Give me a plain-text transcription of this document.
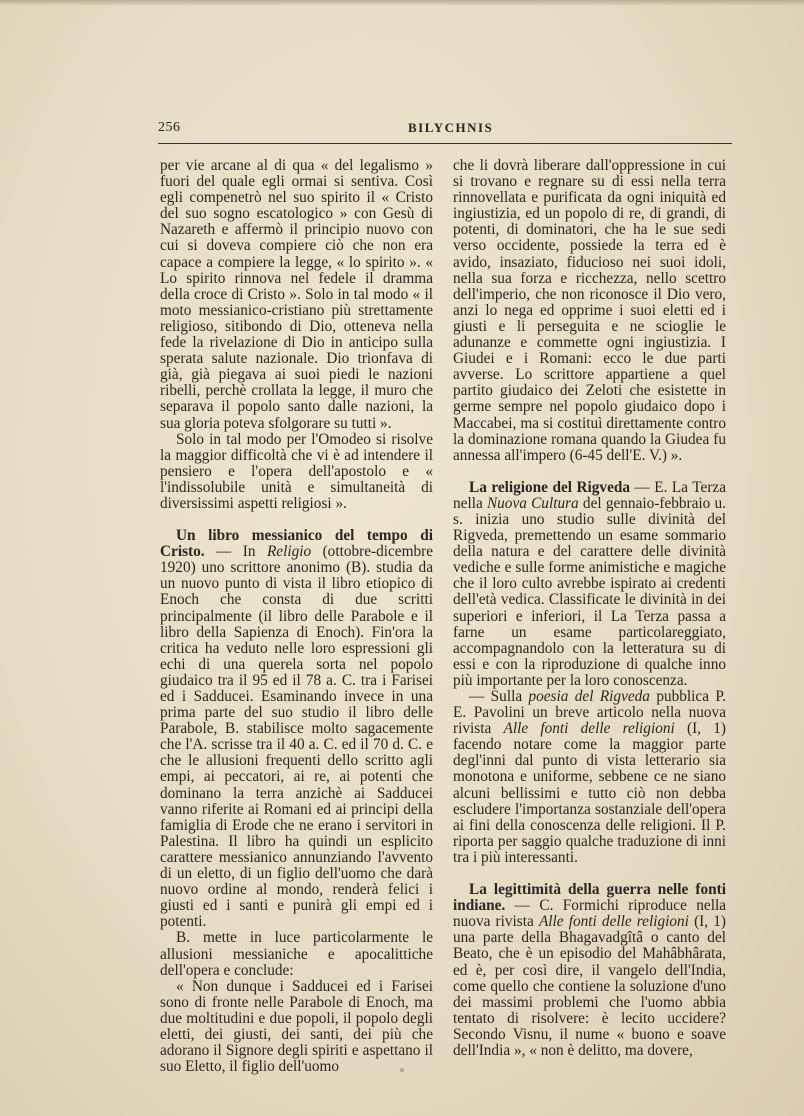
256	BILYCHNIS

per vie arcane al di qua « del legalismo » fuori del quale egli ormai si sentiva. Così egli compenetrò nel suo spirito il « Cristo del suo sogno escatologico » con Gesù di Nazareth e affermò il principio nuovo con cui si doveva compiere ciò che non era capace a compiere la legge, « lo spirito ». « Lo spirito rinnova nel fedele il dramma della croce di Cristo ». Solo in tal modo « il moto messianico-cristiano più strettamente religioso, sitibondo di Dio, otteneva nella fede la rivelazione di Dio in anticipo sulla sperata salute nazionale. Dio trionfava di già, già piegava ai suoi piedi le nazioni ribelli, perchè crollata la legge, il muro che separava il popolo santo dalle nazioni, la sua gloria poteva sfolgorare su tutti ».

Solo in tal modo per l'Omodeo si risolve la maggior difficoltà che vi è ad intendere il pensiero e l'opera dell'apostolo e « l'indissolubile unità e simultaneità di diversissimi aspetti religiosi ».

Un libro messianico del tempo di Cristo. — In Religio (ottobre-dicembre 1920) uno scrittore anonimo (B). studia da un nuovo punto di vista il libro etiopico di Enoch che consta di due scritti principalmente (il libro delle Parabole e il libro della Sapienza di Enoch). Fin'ora la critica ha veduto nelle loro espressioni gli echi di una querela sorta nel popolo giudaico tra il 95 ed il 78 a. C. tra i Farisei ed i Sadducei. Esaminando invece in una prima parte del suo studio il libro delle Parabole, B. stabilisce molto sagacemente che l'A. scrisse tra il 40 a. C. ed il 70 d. C. e che le allusioni frequenti dello scritto agli empi, ai peccatori, ai re, ai potenti che dominano la terra anzichè ai Sadducei vanno riferite ai Romani ed ai principi della famiglia di Erode che ne erano i servitori in Palestina. Il libro ha quindi un esplicito carattere messianico annunziando l'avvento di un eletto, di un figlio dell'uomo che darà nuovo ordine al mondo, renderà felici i giusti ed i santi e punirà gli empi ed i potenti.

B. mette in luce particolarmente le allusioni messianiche e apocalittiche dell'opera e conclude:

« Non dunque i Sadducei ed i Farisei sono di fronte nelle Parabole di Enoch, ma due moltitudini e due popoli, il popolo degli eletti, dei giusti, dei santi, dei più che adorano il Signore degli spiriti e aspettano il suo Eletto, il figlio dell'uomo

che li dovrà liberare dall'oppressione in cui si trovano e regnare su di essi nella terra rinnovellata e purificata da ogni iniquità ed ingiustizia, ed un popolo di re, di grandi, di potenti, di dominatori, che ha le sue sedi verso occidente, possiede la terra ed è avido, insaziato, fiducioso nei suoi idoli, nella sua forza e ricchezza, nello scettro dell'imperio, che non riconosce il Dio vero, anzi lo nega ed opprime i suoi eletti ed i giusti e li perseguita e ne scioglie le adunanze e commette ogni ingiustizia. I Giudei e i Romani: ecco le due parti avverse. Lo scrittore appartiene a quel partito giudaico dei Zeloti che esistette in germe sempre nel popolo giudaico dopo i Maccabei, ma si costituì direttamente contro la dominazione romana quando la Giudea fu annessa all'impero (6-45 dell'E. V.) ».

La religione del Rigveda — E. La Terza nella Nuova Cultura del gennaio-febbraio u. s. inizia uno studio sulle divinità del Rigveda, premettendo un esame sommario della natura e del carattere delle divinità vediche e sulle forme animistiche e magiche che il loro culto avrebbe ispirato ai credenti dell'età vedica. Classificate le divinità in dei superiori e inferiori, il La Terza passa a farne un esame particolareggiato, accompagnandolo con la letteratura su di essi e con la riproduzione di qualche inno più importante per la loro conoscenza.

— Sulla poesia del Rigveda pubblica P. E. Pavolini un breve articolo nella nuova rivista Alle fonti delle religioni (I, 1) facendo notare come la maggior parte degl'inni dal punto di vista letterario sia monotona e uniforme, sebbene ce ne siano alcuni bellissimi e tutto ciò non debba escludere l'importanza sostanziale dell'opera ai fini della conoscenza delle religioni. Il P. riporta per saggio qualche traduzione di inni tra i più interessanti.

La legittimità della guerra nelle fonti indiane. — C. Formichi riproduce nella nuova rivista Alle fonti delle religioni (I, 1) una parte della Bhagavadgîtâ o canto del Beato, che è un episodio del Mahâbhârata, ed è, per così dire, il vangelo dell'India, come quello che contiene la soluzione d'uno dei massimi problemi che l'uomo abbia tentato di risolvere: è lecito uccidere? Secondo Visnu, il nume « buono e soave dell'India », « non è delitto, ma dovere,
